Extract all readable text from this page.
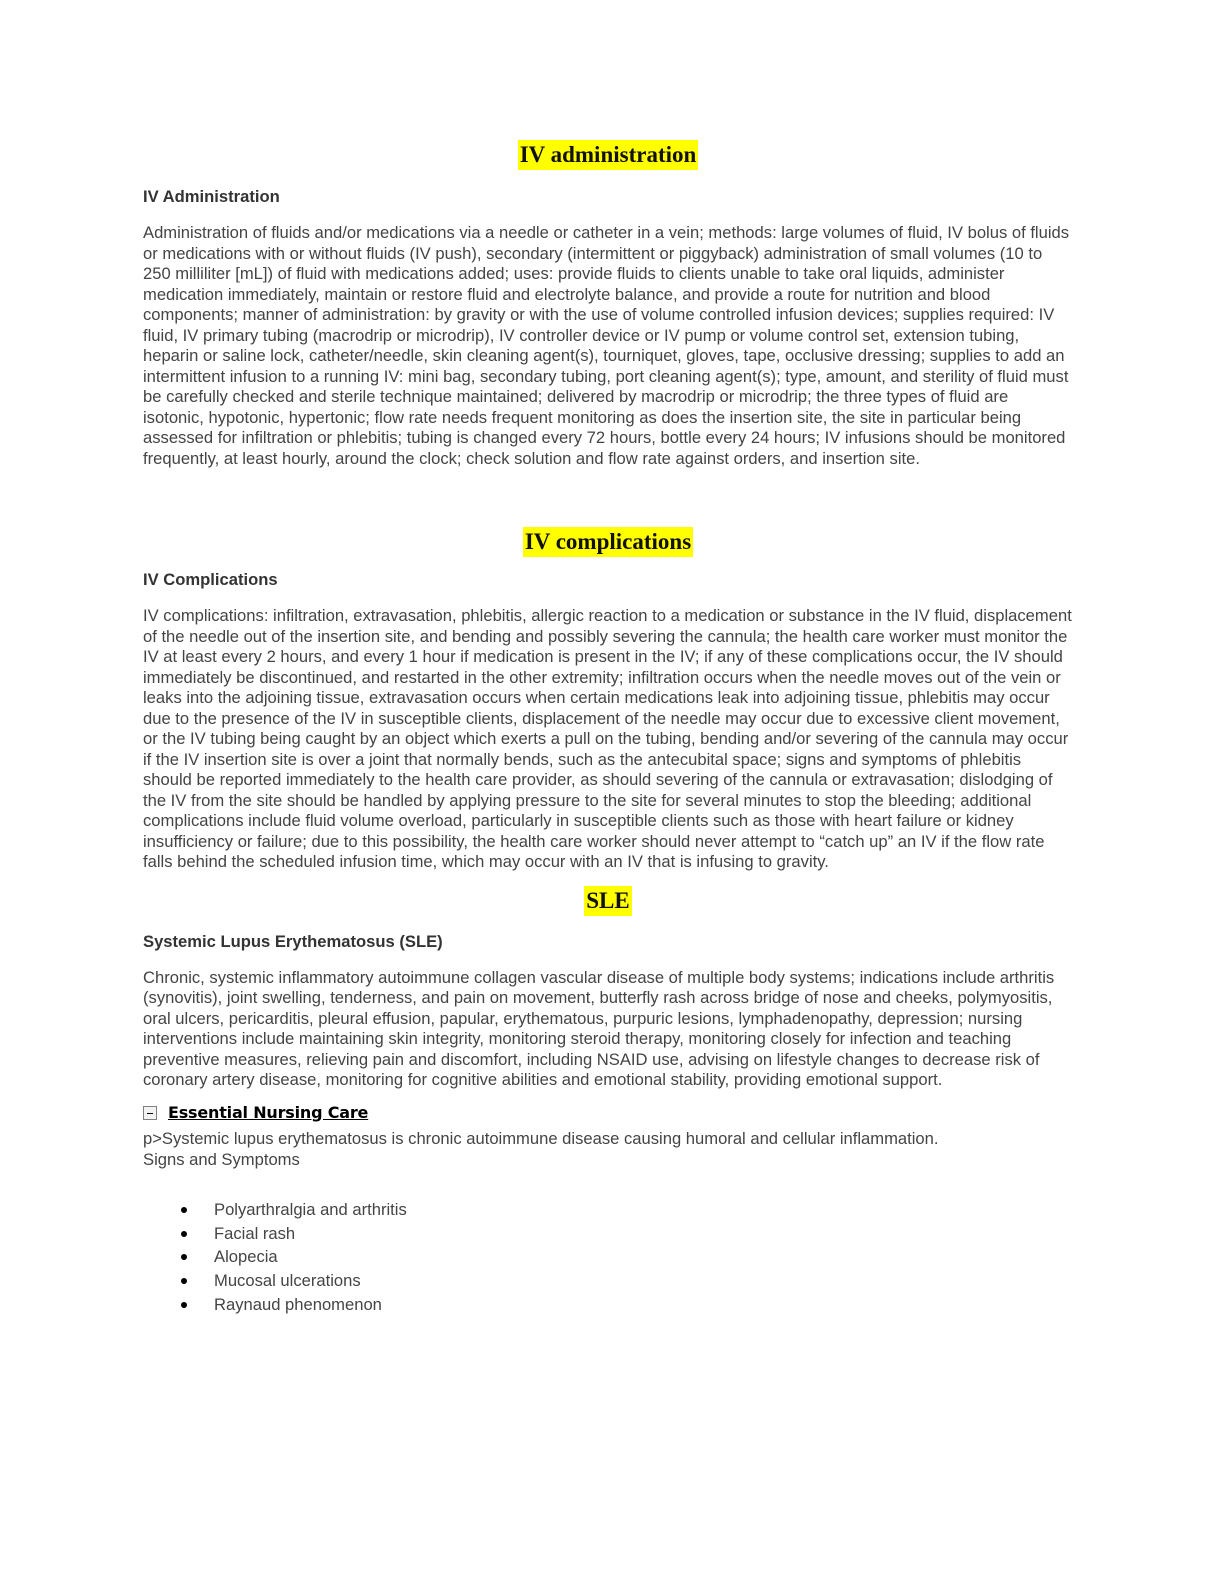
IV administration
IV Administration

Administration of fluids and/or medications via a needle or catheter in a vein; methods: large volumes of fluid, IV bolus of fluids or medications with or without fluids (IV push), secondary (intermittent or piggyback) administration of small volumes (10 to 250 milliliter [mL]) of fluid with medications added; uses: provide fluids to clients unable to take oral liquids, administer medication immediately, maintain or restore fluid and electrolyte balance, and provide a route for nutrition and blood components; manner of administration: by gravity or with the use of volume controlled infusion devices; supplies required: IV fluid, IV primary tubing (macrodrip or microdrip), IV controller device or IV pump or volume control set, extension tubing, heparin or saline lock, catheter/needle, skin cleaning agent(s), tourniquet, gloves, tape, occlusive dressing; supplies to add an intermittent infusion to a running IV: mini bag, secondary tubing, port cleaning agent(s); type, amount, and sterility of fluid must be carefully checked and sterile technique maintained; delivered by macrodrip or microdrip; the three types of fluid are isotonic, hypotonic, hypertonic; flow rate needs frequent monitoring as does the insertion site, the site in particular being assessed for infiltration or phlebitis; tubing is changed every 72 hours, bottle every 24 hours; IV infusions should be monitored frequently, at least hourly, around the clock; check solution and flow rate against orders, and insertion site.

IV complications
IV Complications

IV complications: infiltration, extravasation, phlebitis, allergic reaction to a medication or substance in the IV fluid, displacement of the needle out of the insertion site, and bending and possibly severing the cannula; the health care worker must monitor the IV at least every 2 hours, and every 1 hour if medication is present in the IV; if any of these complications occur, the IV should immediately be discontinued, and restarted in the other extremity; infiltration occurs when the needle moves out of the vein or leaks into the adjoining tissue, extravasation occurs when certain medications leak into adjoining tissue, phlebitis may occur due to the presence of the IV in susceptible clients, displacement of the needle may occur due to excessive client movement, or the IV tubing being caught by an object which exerts a pull on the tubing, bending and/or severing of the cannula may occur if the IV insertion site is over a joint that normally bends, such as the antecubital space; signs and symptoms of phlebitis should be reported immediately to the health care provider, as should severing of the cannula or extravasation; dislodging of the IV from the site should be handled by applying pressure to the site for several minutes to stop the bleeding; additional complications include fluid volume overload, particularly in susceptible clients such as those with heart failure or kidney insufficiency or failure; due to this possibility, the health care worker should never attempt to “catch up” an IV if the flow rate falls behind the scheduled infusion time, which may occur with an IV that is infusing to gravity.

SLE
Systemic Lupus Erythematosus (SLE)

Chronic, systemic inflammatory autoimmune collagen vascular disease of multiple body systems; indications include arthritis (synovitis), joint swelling, tenderness, and pain on movement, butterfly rash across bridge of nose and cheeks, polymyositis, oral ulcers, pericarditis, pleural effusion, papular, erythematous, purpuric lesions, lymphadenopathy, depression; nursing interventions include maintaining skin integrity, monitoring steroid therapy, monitoring closely for infection and teaching preventive measures, relieving pain and discomfort, including NSAID use, advising on lifestyle changes to decrease risk of coronary artery disease, monitoring for cognitive abilities and emotional stability, providing emotional support.

Essential Nursing Care

p>Systemic lupus erythematosus is chronic autoimmune disease causing humoral and cellular inflammation.

Signs and Symptoms

Polyarthralgia and arthritis
Facial rash
Alopecia
Mucosal ulcerations
Raynaud phenomenon
